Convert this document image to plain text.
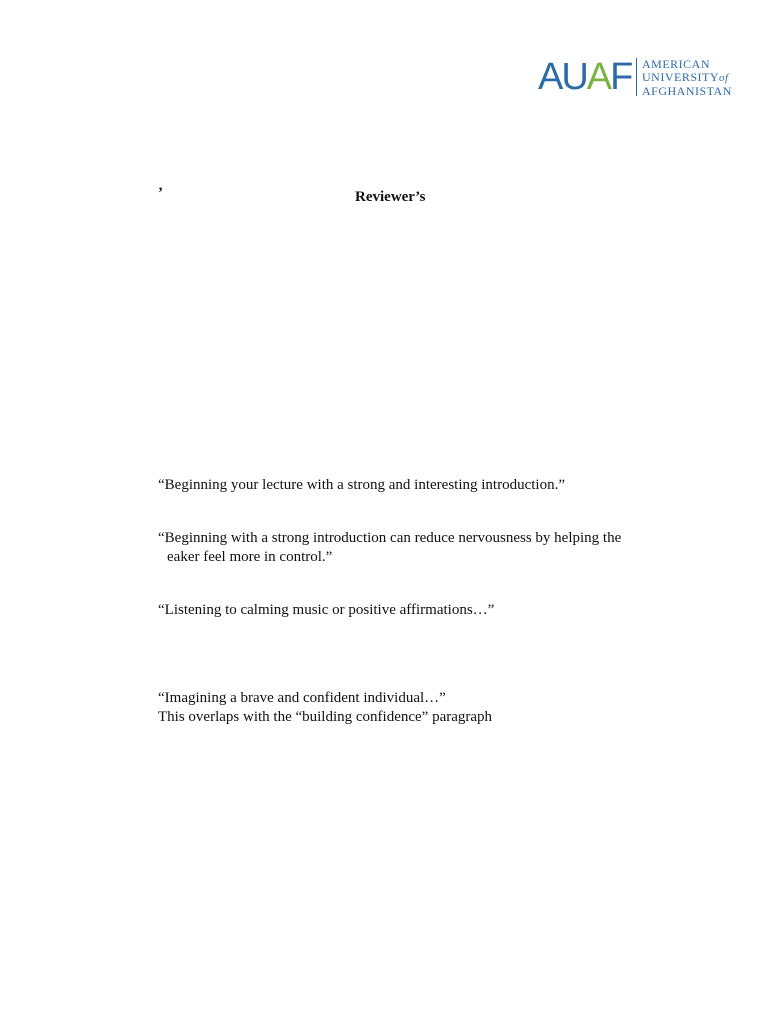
AUAF AMERICAN
UNIVERSITYof
AFGHANISTAN
’	Reviewer’s
“Beginning your lecture with a strong and interesting introduction.”
“Beginning with a strong introduction can reduce nervousness by helping the
eaker feel more in control.”
“Listening to calming music or positive affirmations…”
“Imagining a brave and confident individual…”
This overlaps with the “building confidence” paragraph
